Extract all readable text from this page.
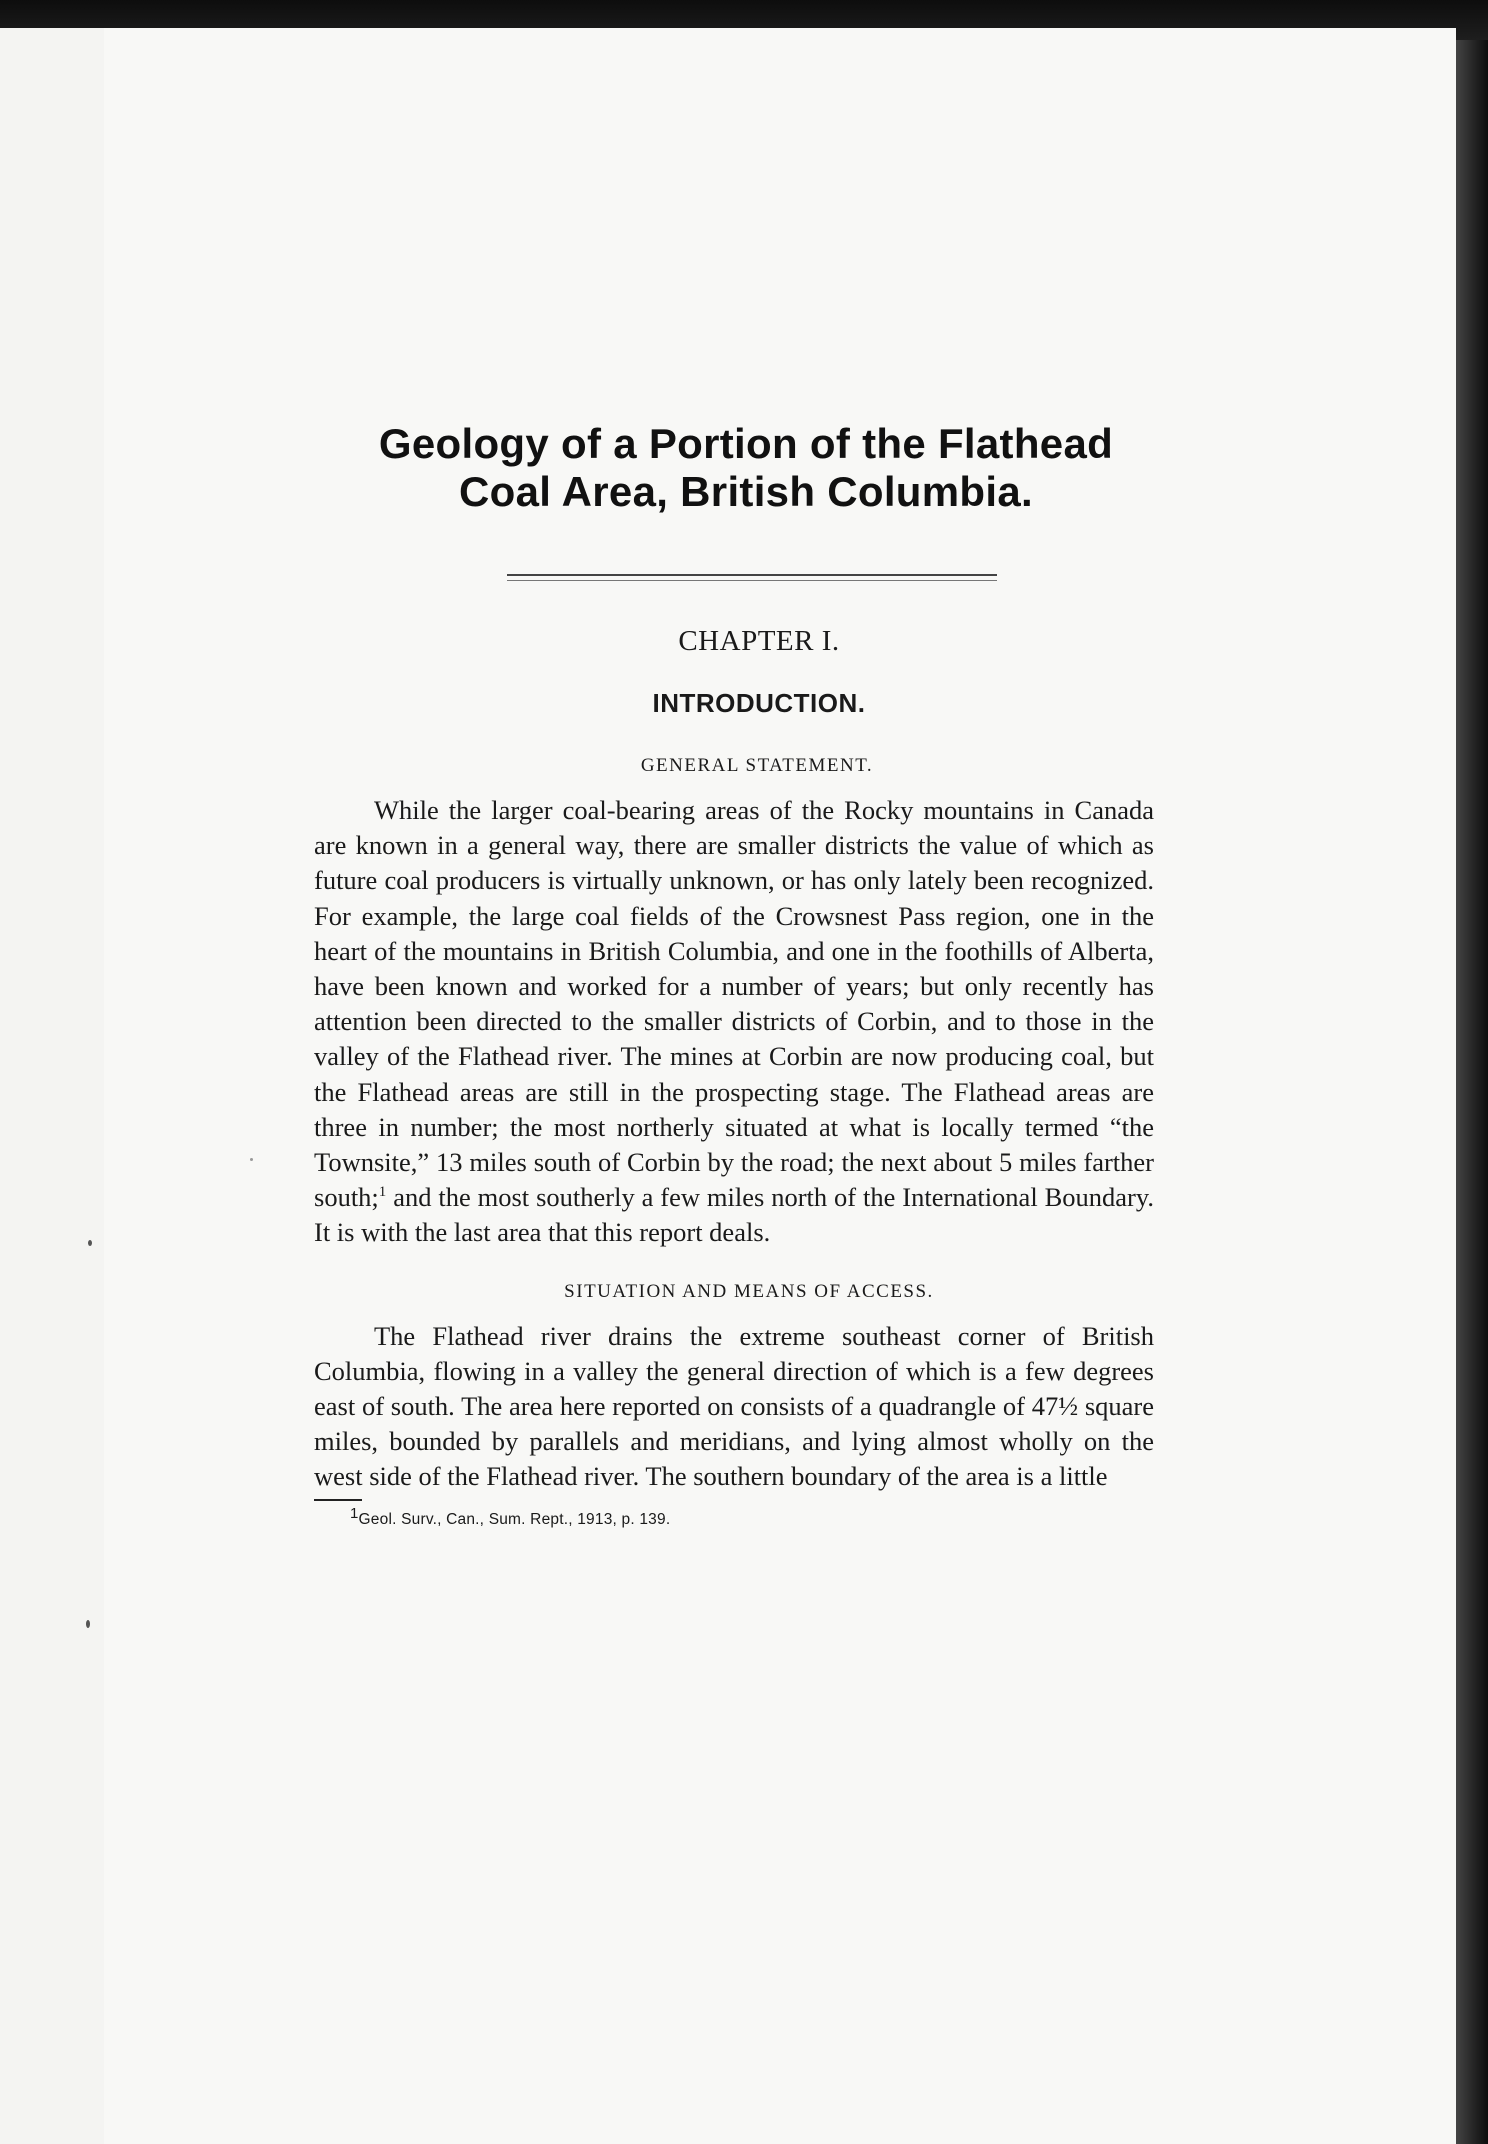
Geology of a Portion of the Flathead
Coal Area, British Columbia.
CHAPTER I.
INTRODUCTION.
GENERAL STATEMENT.

While the larger coal-bearing areas of the Rocky mountains in Canada are known in a general way, there are smaller districts the value of which as future coal producers is virtually unknown, or has only lately been recognized. For example, the large coal fields of the Crowsnest Pass region, one in the heart of the mountains in British Columbia, and one in the foothills of Alberta, have been known and worked for a number of years; but only recently has attention been directed to the smaller districts of Corbin, and to those in the valley of the Flathead river. The mines at Corbin are now producing coal, but the Flathead areas are still in the prospecting stage. The Flathead areas are three in number; the most northerly situated at what is locally termed “the Townsite,” 13 miles south of Corbin by the road; the next about 5 miles farther south;$^1$ and the most southerly a few miles north of the International Boundary. It is with the last area that this report deals.

SITUATION AND MEANS OF ACCESS.

The Flathead river drains the extreme southeast corner of British Columbia, flowing in a valley the general direction of which is a few degrees east of south. The area here reported on consists of a quadrangle of 47½ square miles, bounded by parallels and meridians, and lying almost wholly on the west side of the Flathead river. The southern boundary of the area is a little

$^1$Geol. Surv., Can., Sum. Rept., 1913, p. 139.
